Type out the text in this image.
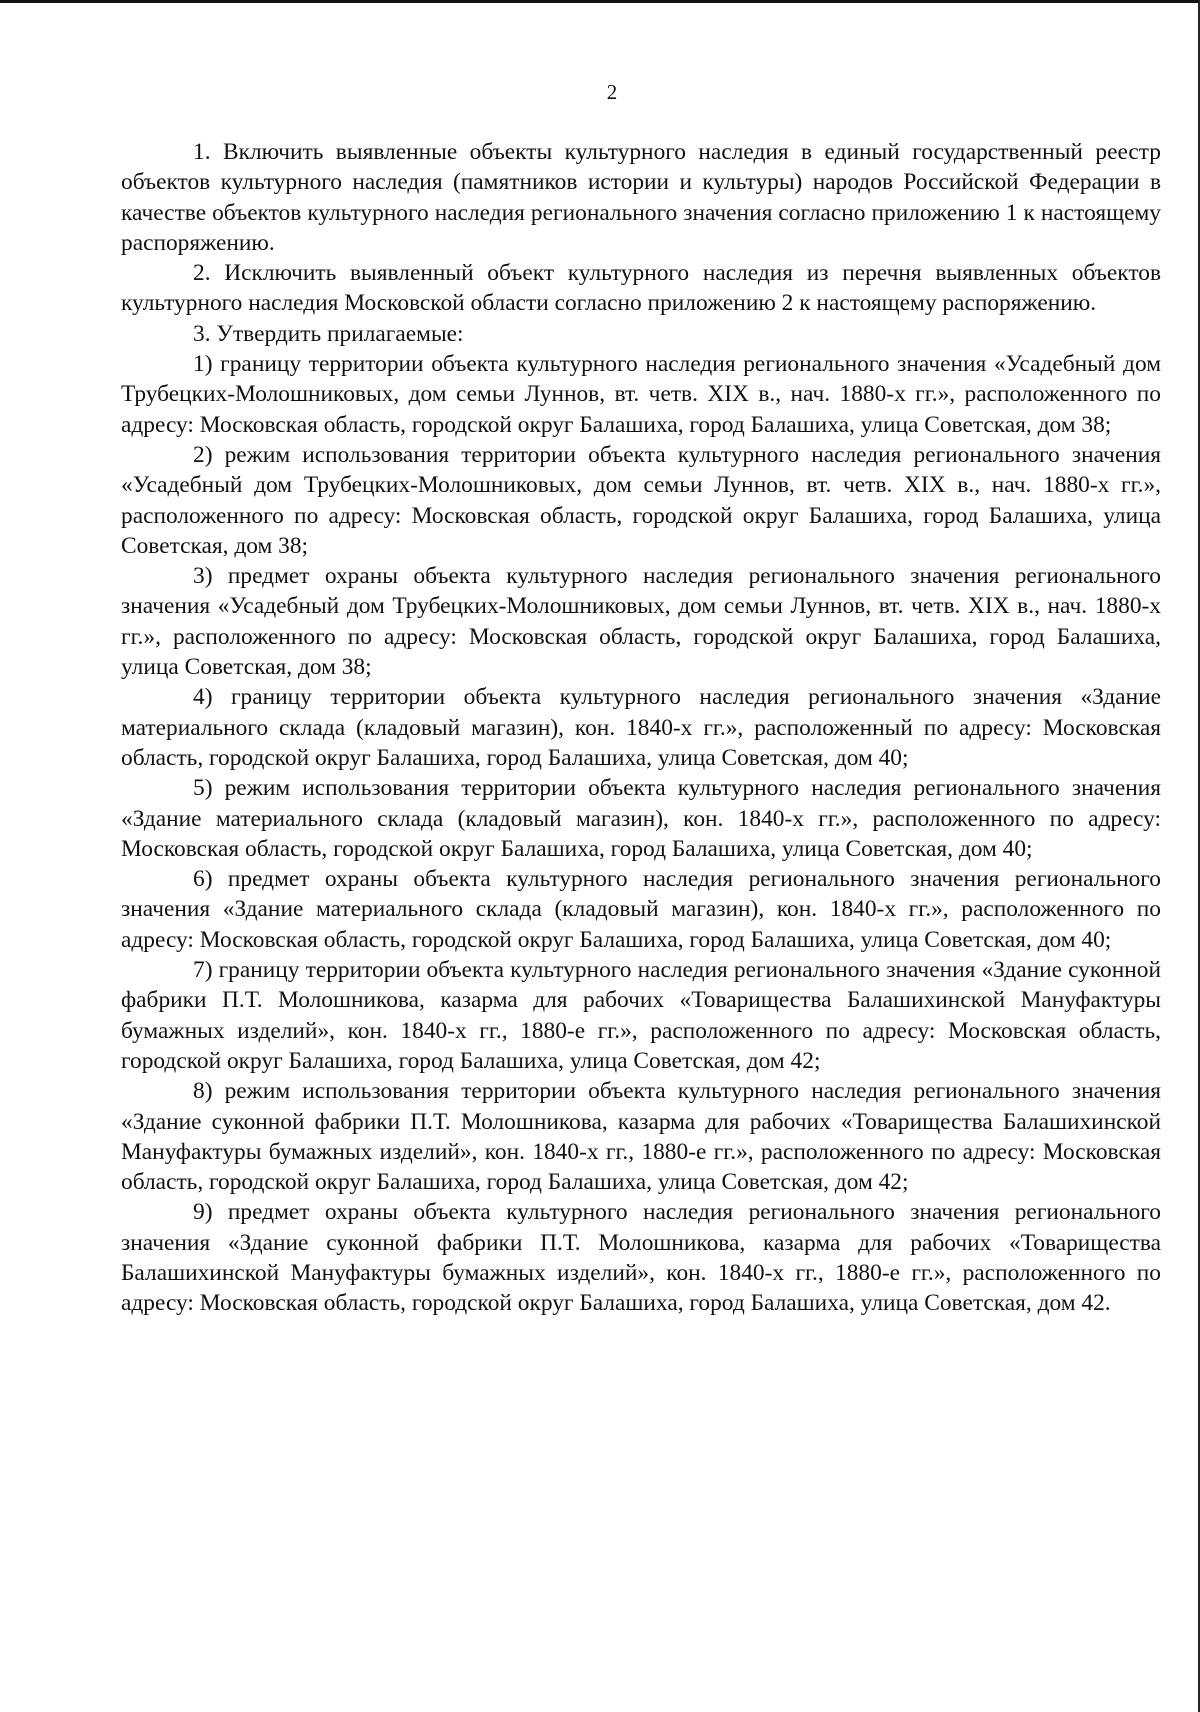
2

1. Включить выявленные объекты культурного наследия в единый государственный реестр объектов культурного наследия (памятников истории и культуры) народов Российской Федерации в качестве объектов культурного наследия регионального значения согласно приложению 1 к настоящему распоряжению.

2. Исключить выявленный объект культурного наследия из перечня выявленных объектов культурного наследия Московской области согласно приложению 2 к настоящему распоряжению.

3. Утвердить прилагаемые:

1) границу территории объекта культурного наследия регионального значения «Усадебный дом Трубецких-Молошниковых, дом семьи Луннов, вт. четв. XIX в., нач. 1880-х гг.», расположенного по адресу: Московская область, городской округ Балашиха, город Балашиха, улица Советская, дом 38;

2) режим использования территории объекта культурного наследия регионального значения «Усадебный дом Трубецких-Молошниковых, дом семьи Луннов, вт. четв. XIX в., нач. 1880-х гг.», расположенного по адресу: Московская область, городской округ Балашиха, город Балашиха, улица Советская, дом 38;

3) предмет охраны объекта культурного наследия регионального значения регионального значения «Усадебный дом Трубецких-Молошниковых, дом семьи Луннов, вт. четв. XIX в., нач. 1880-х гг.», расположенного по адресу: Московская область, городской округ Балашиха, город Балашиха, улица Советская, дом 38;

4) границу территории объекта культурного наследия регионального значения «Здание материального склада (кладовый магазин), кон. 1840-х гг.», расположенный по адресу: Московская область, городской округ Балашиха, город Балашиха, улица Советская, дом 40;

5) режим использования территории объекта культурного наследия регионального значения «Здание материального склада (кладовый магазин), кон. 1840-х гг.», расположенного по адресу: Московская область, городской округ Балашиха, город Балашиха, улица Советская, дом 40;

6) предмет охраны объекта культурного наследия регионального значения регионального значения «Здание материального склада (кладовый магазин), кон. 1840-х гг.», расположенного по адресу: Московская область, городской округ Балашиха, город Балашиха, улица Советская, дом 40;

7) границу территории объекта культурного наследия регионального значения «Здание суконной фабрики П.Т. Молошникова, казарма для рабочих «Товарищества Балашихинской Мануфактуры бумажных изделий», кон. 1840-х гг., 1880-е гг.», расположенного по адресу: Московская область, городской округ Балашиха, город Балашиха, улица Советская, дом 42;

8) режим использования территории объекта культурного наследия регионального значения «Здание суконной фабрики П.Т. Молошникова, казарма для рабочих «Товарищества Балашихинской Мануфактуры бумажных изделий», кон. 1840-х гг., 1880-е гг.», расположенного по адресу: Московская область, городской округ Балашиха, город Балашиха, улица Советская, дом 42;

9) предмет охраны объекта культурного наследия регионального значения регионального значения «Здание суконной фабрики П.Т. Молошникова, казарма для рабочих «Товарищества Балашихинской Мануфактуры бумажных изделий», кон. 1840-х гг., 1880-е гг.», расположенного по адресу: Московская область, городской округ Балашиха, город Балашиха, улица Советская, дом 42.
